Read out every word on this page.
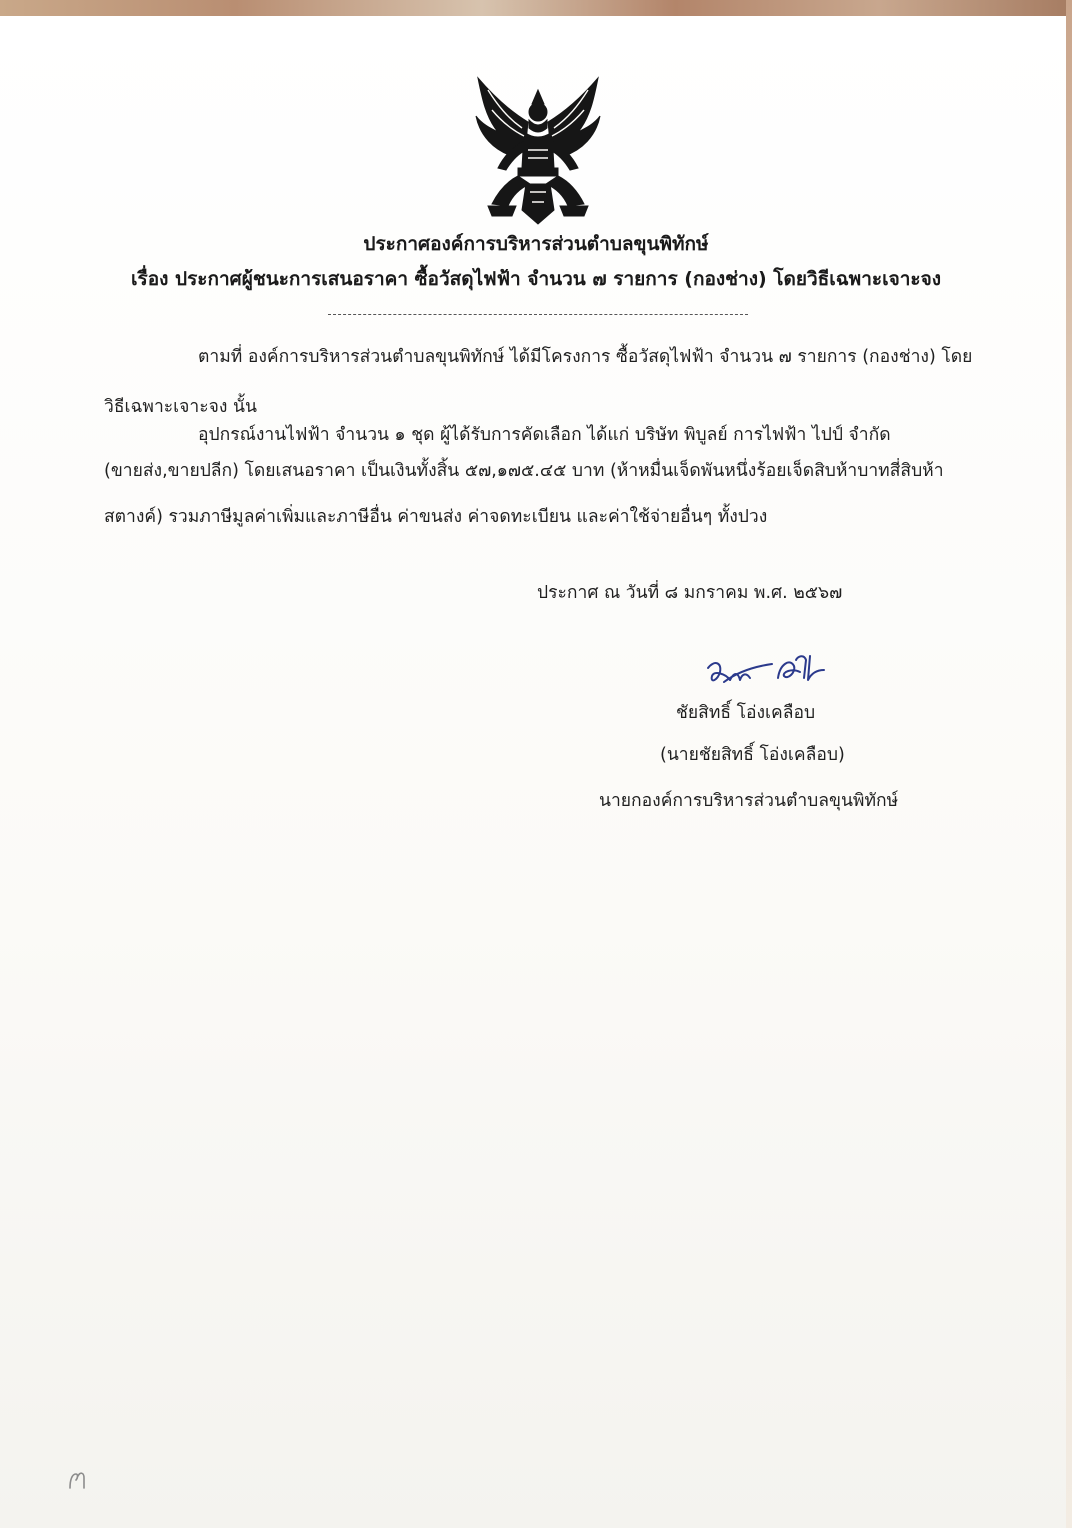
ประกาศองค์การบริหารส่วนตำบลขุนพิทักษ์
เรื่อง ประกาศผู้ชนะการเสนอราคา ซื้อวัสดุไฟฟ้า จำนวน ๗ รายการ (กองช่าง) โดยวิธีเฉพาะเจาะจง
ตามที่ องค์การบริหารส่วนตำบลขุนพิทักษ์ ได้มีโครงการ ซื้อวัสดุไฟฟ้า จำนวน ๗ รายการ (กองช่าง) โดย
วิธีเฉพาะเจาะจง นั้น
อุปกรณ์งานไฟฟ้า จำนวน ๑ ชุด ผู้ได้รับการคัดเลือก ได้แก่ บริษัท พิบูลย์ การไฟฟ้า ไปป์ จำกัด
(ขายส่ง,ขายปลีก) โดยเสนอราคา เป็นเงินทั้งสิ้น ๕๗,๑๗๕.๔๕ บาท (ห้าหมื่นเจ็ดพันหนึ่งร้อยเจ็ดสิบห้าบาทสี่สิบห้า
สตางค์) รวมภาษีมูลค่าเพิ่มและภาษีอื่น ค่าขนส่ง ค่าจดทะเบียน และค่าใช้จ่ายอื่นๆ ทั้งปวง
ประกาศ ณ วันที่ ๘ มกราคม พ.ศ. ๒๕๖๗
ชัยสิทธิ์ โอ่งเคลือบ
(นายชัยสิทธิ์ โอ่งเคลือบ)
นายกองค์การบริหารส่วนตำบลขุนพิทักษ์
